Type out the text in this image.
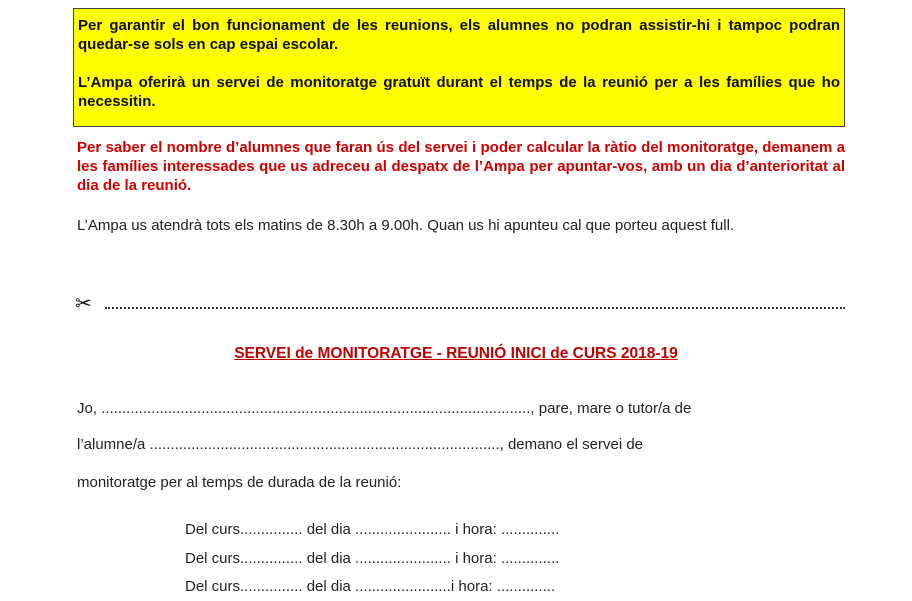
Per garantir el bon funcionament de les reunions, els alumnes no podran assistir-hi i tampoc podran quedar-se sols en cap espai escolar.

L’Ampa oferirà un servei de monitoratge gratuït durant el temps de la reunió per a les famílies que ho necessitin.

Per saber el nombre d’alumnes que faran ús del servei i poder calcular la ràtio del monitoratge, demanem a les famílies interessades que us adreceu al despatx de l’Ampa per apuntar-vos, amb un dia d’anterioritat al dia de la reunió.

L’Ampa us atendrà tots els matins de 8.30h a 9.00h. Quan us hi apunteu cal que porteu aquest full.

✂
SERVEI de MONITORATGE - REUNIÓ INICI de CURS 2018-19
Jo, ......................................................................................................., pare, mare o tutor/a de
l’alumne/a ...................................................................................., demano el servei de
monitoratge per al temps de durada de la reunió:
Del curs............... del dia ....................... i hora: ..............
Del curs............... del dia ....................... i hora: ..............
Del curs............... del dia .......................i hora: ..............
